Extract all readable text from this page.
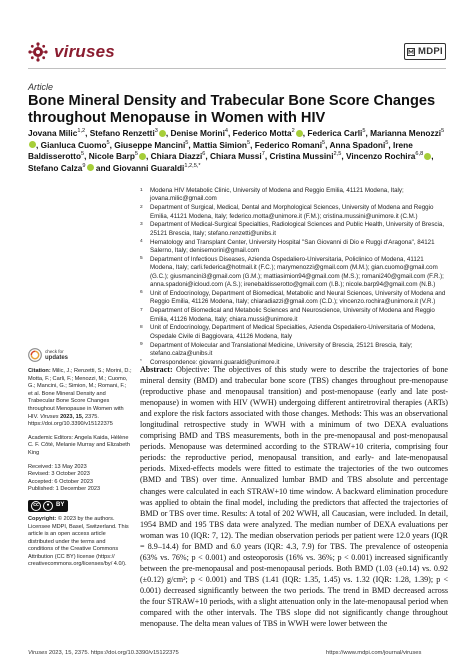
viruses	MDPI
Article
Bone Mineral Density and Trabecular Bone Score Changes throughout Menopause in Women with HIV
Jovana Milic$^{1,2}$, Stefano Renzetti$^3$ , Denise Morini$^4$, Federico Motta$^2$ , Federica Carli$^5$, Marianna Menozzi$^5$, Gianluca Cuomo$^5$, Giuseppe Mancini$^5$, Mattia Simion$^5$, Federico Romani$^5$, Anna Spadoni$^5$, Irene Baldisserotto$^5$, Nicole Barp$^5$ , Chiara Diazzi$^6$, Chiara Mussi$^7$, Cristina Mussini$^{2,5}$, Vincenzo Rochira$^{6,8}$ , Stefano Calza$^9$ and Giovanni Guaraldi$^{1,2,5,*}$
1 Modena HIV Metabolic Clinic, University of Modena and Reggio Emilia, 41121 Modena, Italy; jovana.milic@gmail.com
2 Department of Surgical, Medical, Dental and Morphological Sciences, University of Modena and Reggio Emilia, 41121 Modena, Italy; federico.motta@unimore.it (F.M.); cristina.mussini@unimore.it (C.M.)
3 Department of Medical-Surgical Specialties, Radiological Sciences and Public Health, University of Brescia, 25121 Brescia, Italy; stefano.renzetti@unibs.it
4 Hematology and Transplant Center, University Hospital "San Giovanni di Dio e Ruggi d'Aragona", 84121 Salerno, Italy; denisemorini@gmail.com
5 Department of Infectious Diseases, Azienda Ospedaliero-Universitaria, Policlinico of Modena, 41121 Modena, Italy; carli.federica@hotmail.it (F.C.); marymenozzi@gmail.com (M.M.); gian.cuomo@gmail.com (G.C.); giusmancini3@gmail.com (G.M.); mattiasimion94@gmail.com (M.S.); romani240@gmail.com (F.R.); anna.spadoni@icloud.com (A.S.); irenebaldisserotto@gmail.com (I.B.); nicole.barp94@gmail.com (N.B.)
6 Unit of Endocrinology, Department of Biomedical, Metabolic and Neural Sciences, University of Modena and Reggio Emilia, 41126 Modena, Italy; chiaradiazzi@gmail.com (C.D.); vincenzo.rochira@unimore.it (V.R.)
7 Department of Biomedical and Metabolic Sciences and Neuroscience, University of Modena and Reggio Emilia, 41126 Modena, Italy; chiara.mussi@unimore.it
8 Unit of Endocrinology, Department of Medical Specialties, Azienda Ospedaliero-Universitaria of Modena, Ospedale Civile di Baggiovara, 41126 Modena, Italy
9 Department of Molecular and Translational Medicine, University of Brescia, 25121 Brescia, Italy; stefano.calza@unibs.it
* Correspondence: giovanni.guaraldi@unimore.it
check for
updates
Citation: Milic, J.; Renzetti, S.; Morini, D.; Motta, F.; Carli, F.; Menozzi, M.; Cuomo, G.; Mancini, G.; Simion, M.; Romani, F.; et al. Bone Mineral Density and Trabecular Bone Score Changes throughout Menopause in Women with HIV. Viruses 2023, 15, 2375. https://doi.org/10.3390/v15122375
Academic Editors: Angela Kaida, Hélène C. F. Côté, Melanie Murray and Elizabeth King
Received: 13 May 2023
Revised: 3 October 2023
Accepted: 6 October 2023
Published: 1 December 2023
cc	●	BY
Copyright: © 2023 by the authors. Licensee MDPI, Basel, Switzerland. This article is an open access article distributed under the terms and conditions of the Creative Commons Attribution (CC BY) license (https:// creativecommons.org/licenses/by/ 4.0/).
Abstract: Objective: The objectives of this study were to describe the trajectories of bone mineral density (BMD) and trabecular bone score (TBS) changes throughout pre-menopause (reproductive phase and menopausal transition) and post-menopause (early and late post-menopause) in women with HIV (WWH) undergoing different antiretroviral therapies (ARTs) and explore the risk factors associated with those changes. Methods: This was an observational longitudinal retrospective study in WWH with a minimum of two DEXA evaluations comprising BMD and TBS measurements, both in the pre-menopausal and post-menopausal periods. Menopause was determined according to the STRAW+10 criteria, comprising four periods: the reproductive period, menopausal transition, and early- and late-menopausal periods. Mixed-effects models were fitted to estimate the trajectories of the two outcomes (BMD and TBS) over time. Annualized lumbar BMD and TBS absolute and percentage changes were calculated in each STRAW+10 time window. A backward elimination procedure was applied to obtain the final model, including the predictors that affected the trajectories of BMD or TBS over time. Results: A total of 202 WWH, all Caucasian, were included. In detail, 1954 BMD and 195 TBS data were analyzed. The median number of DEXA evaluations per woman was 10 (IQR: 7, 12). The median observation periods per patient were 12.0 years (IQR = 8.9–14.4) for BMD and 6.0 years (IQR: 4.3, 7.9) for TBS. The prevalence of osteopenia (63% vs. 76%; p < 0.001) and osteoporosis (16% vs. 36%; p < 0.001) increased significantly between the pre-menopausal and post-menopausal periods. Both BMD (1.03 (±0.14) vs. 0.92 (±0.12) g/cm²; p < 0.001) and TBS (1.41 (IQR: 1.35, 1.45) vs. 1.32 (IQR: 1.28, 1.39); p < 0.001) decreased significantly between the two periods. The trend in BMD decreased across the four STRAW+10 periods, with a slight attenuation only in the late-menopausal period when compared with the other intervals. The TBS slope did not significantly change throughout menopause. The delta mean values of TBS in WWH were lower between the
Viruses 2023, 15, 2375. https://doi.org/10.3390/v15122375	https://www.mdpi.com/journal/viruses
